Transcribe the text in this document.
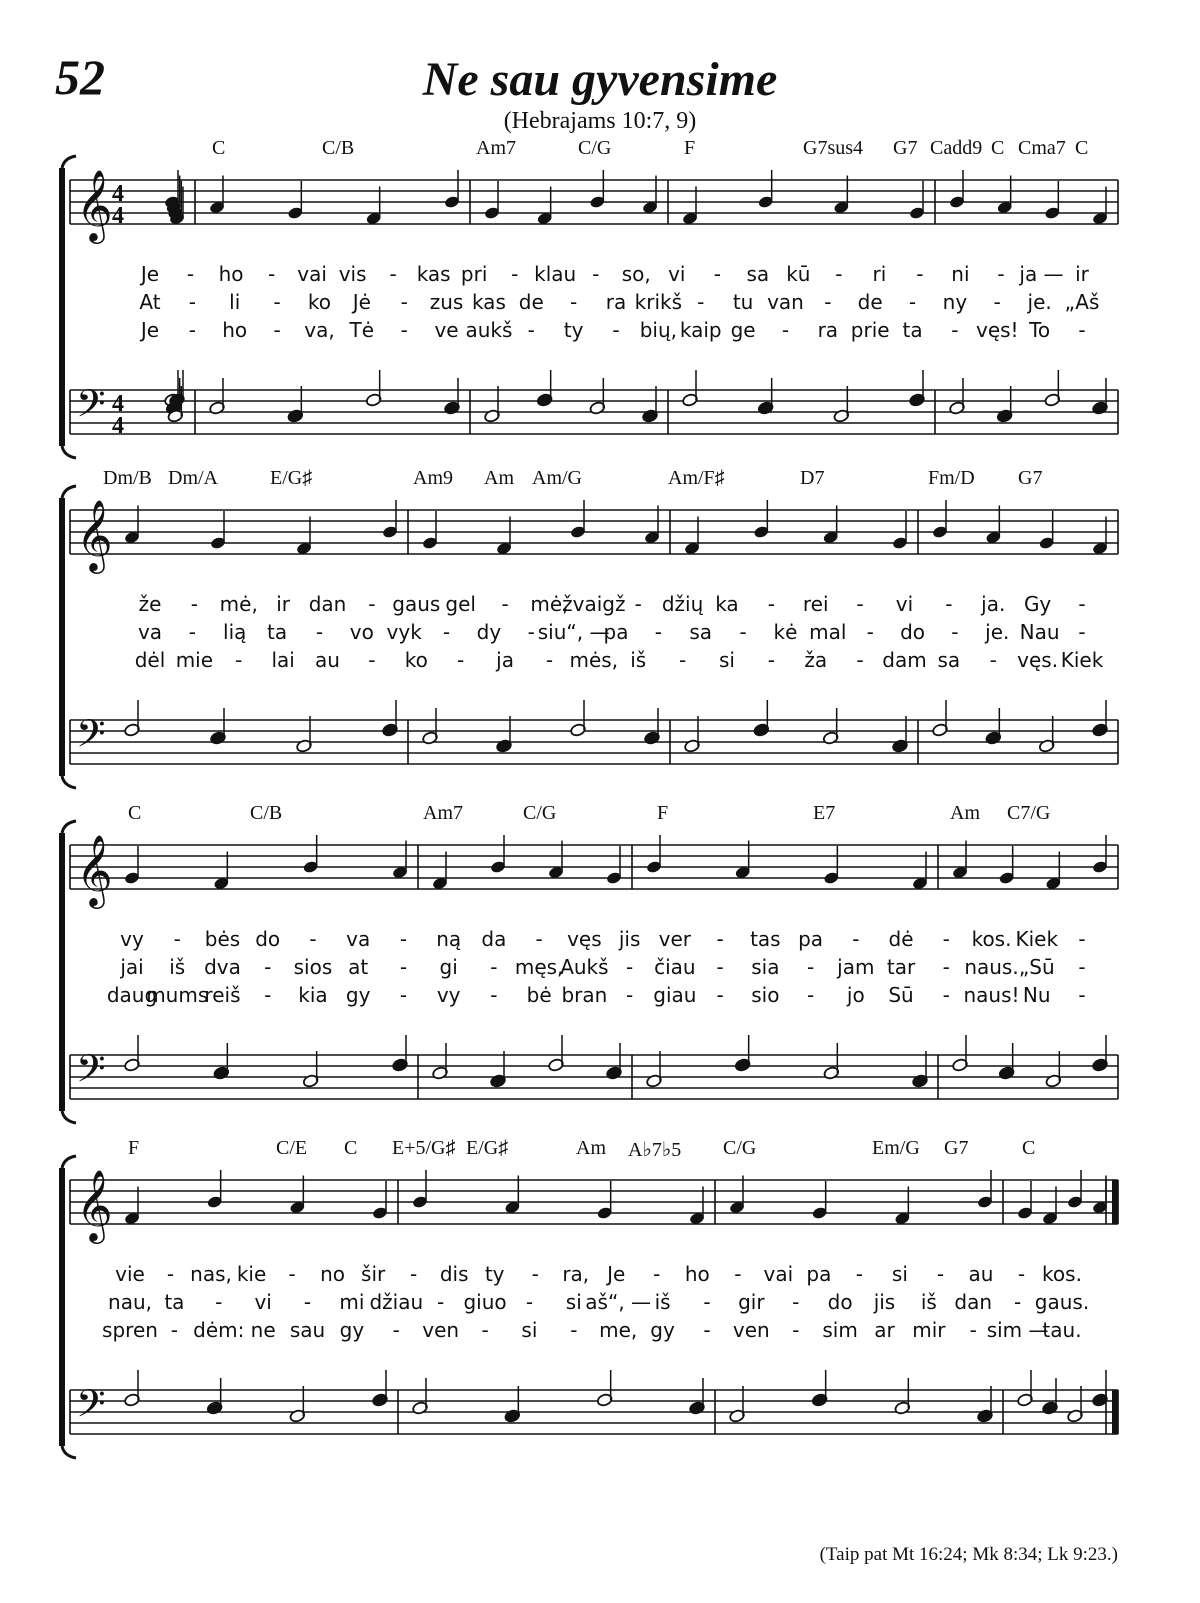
52	Ne sau gyvensime
(Hebrajams 10:7, 9)
𝄞
𝄢
4
4
4
4
C	C/B	Am7	C/G	F	G7sus4 G7 Cadd9 C Cma7 C
Je - ho - vai vis - kas pri - klau - so, vi - sa kū - ri - ni - ja — ir
At - li - ko Jė - zus kas de - ra krikš - tu van - de - ny - je. „Aš
Je - ho - va, Tė - ve aukš - ty - bių, kaip ge - ra prie ta - vęs! To -
𝄞
𝄢
Dm/B Dm/A	E/G♯	Am9 Am Am/G	Am/F♯	D7	Fm/D G7
že - mė, ir dan - gaus gel - mė,
žvaigž - džių ka - rei - vi - ja. Gy -
va - lią ta - vo vyk - dy - siu“, —
pa - sa - kė mal - do - je. Nau -
dėl mie - lai au - ko - ja - mės, iš - si - ža - dam sa - vęs. Kiek
𝄞
𝄢
C	C/B	Am7	C/G	F	E7	Am C7/G
vy - bės do - va - ną da - vęs jis ver - tas pa - dė - kos. Kiek -
jai iš dva - sios at - gi - męs,
Aukš - čiau - sia - jam tar - naus. „Sū -
daug
mums
reiš - kia gy - vy - bė bran - giau - sio - jo Sū - naus! Nu -
𝄞
𝄢
F	C/E C E+5/G♯ E/G♯	Am A♭7♭5 C/G	Em/G G7	C
vie - nas, kie - no šir - dis ty - ra, Je - ho - vai pa - si - au - kos.
nau, ta - vi - mi džiau - giuo - si aš“, — iš - gir - do jis iš dan - gaus.
spren - dėm: ne sau gy - ven - si - me, gy - ven - sim ar mir - sim —
tau.
(Taip pat Mt 16:24; Mk 8:34; Lk 9:23.)
